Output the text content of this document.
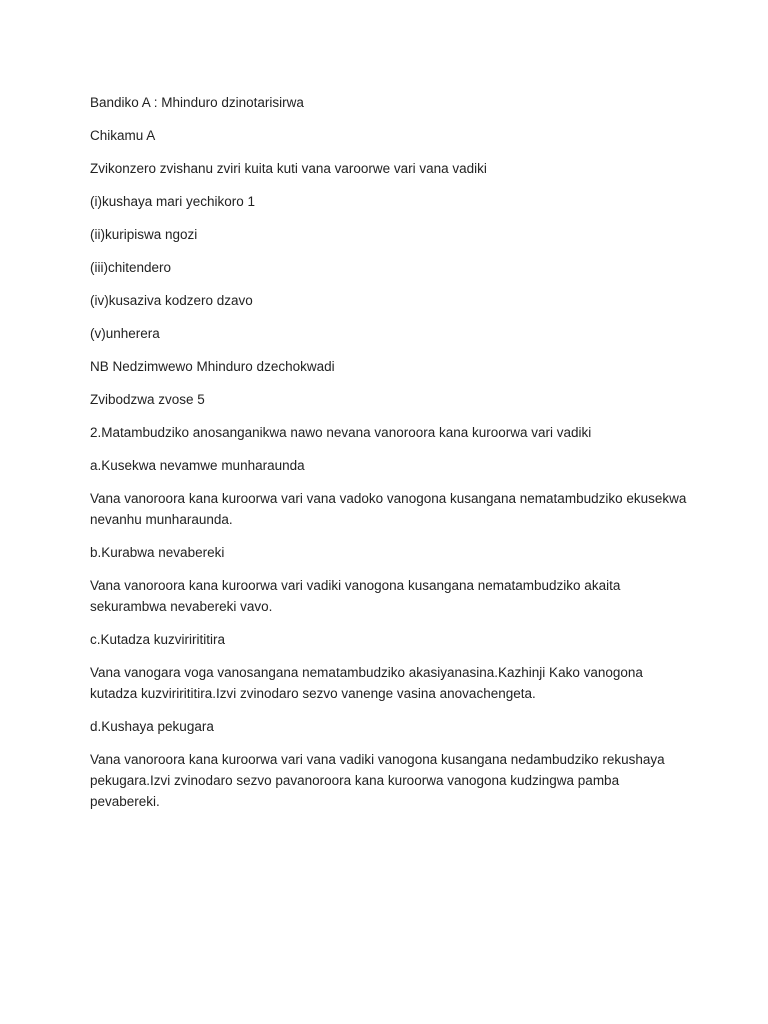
Bandiko A : Mhinduro dzinotarisirwa

Chikamu A

Zvikonzero zvishanu zviri kuita kuti vana varoorwe vari vana vadiki

(i)kushaya mari yechikoro 1

(ii)kuripiswa ngozi

(iii)chitendero

(iv)kusaziva kodzero dzavo

(v)unherera

NB Nedzimwewo Mhinduro dzechokwadi

Zvibodzwa zvose 5

2.Matambudziko anosanganikwa nawo nevana vanoroora kana kuroorwa vari vadiki

a.Kusekwa nevamwe munharaunda

Vana vanoroora kana kuroorwa vari vana vadoko vanogona kusangana nematambudziko ekusekwa nevanhu munharaunda.

b.Kurabwa nevabereki

Vana vanoroora kana kuroorwa vari vadiki vanogona kusangana nematambudziko akaita sekurambwa nevabereki vavo.

c.Kutadza kuzvirirititira

Vana vanogara voga vanosangana nematambudziko akasiyanasina.Kazhinji Kako vanogona kutadza kuzvirirititira.Izvi zvinodaro sezvo vanenge vasina anovachengeta.

d.Kushaya pekugara

Vana vanoroora kana kuroorwa vari vana vadiki vanogona kusangana nedambudziko rekushaya pekugara.Izvi zvinodaro sezvo pavanoroora kana kuroorwa vanogona kudzingwa pamba pevabereki.
